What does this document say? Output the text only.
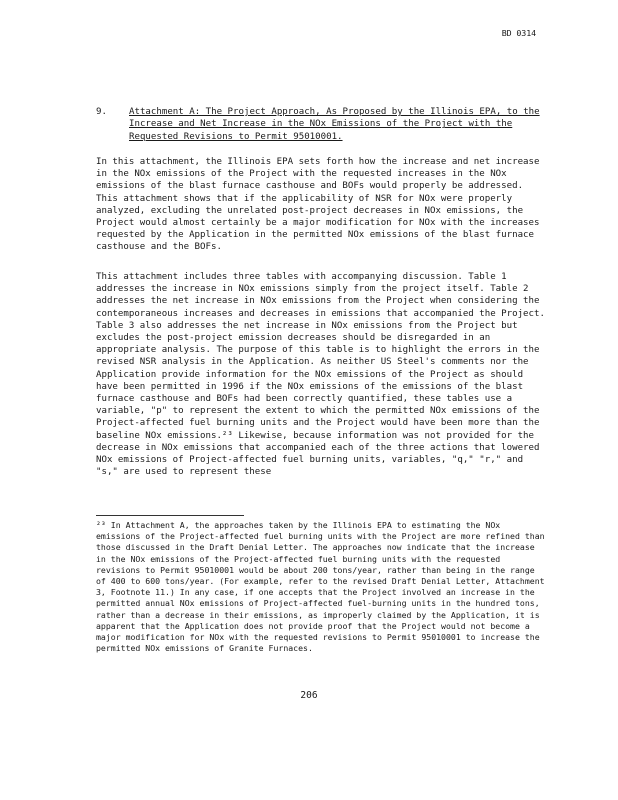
BD 0314
9. Attachment A: The Project Approach, As Proposed by the Illinois EPA, to the Increase and Net Increase in the NOx Emissions of the Project with the Requested Revisions to Permit 95010001.

In this attachment, the Illinois EPA sets forth how the increase and net increase in the NOx emissions of the Project with the requested increases in the NOx emissions of the blast furnace casthouse and BOFs would properly be addressed. This attachment shows that if the applicability of NSR for NOx were properly analyzed, excluding the unrelated post-project decreases in NOx emissions, the Project would almost certainly be a major modification for NOx with the increases requested by the Application in the permitted NOx emissions of the blast furnace casthouse and the BOFs.

This attachment includes three tables with accompanying discussion. Table 1 addresses the increase in NOx emissions simply from the project itself. Table 2 addresses the net increase in NOx emissions from the Project when considering the contemporaneous increases and decreases in emissions that accompanied the Project. Table 3 also addresses the net increase in NOx emissions from the Project but excludes the post-project emission decreases should be disregarded in an appropriate analysis. The purpose of this table is to highlight the errors in the revised NSR analysis in the Application. As neither US Steel's comments nor the Application provide information for the NOx emissions of the Project as should have been permitted in 1996 if the NOx emissions of the emissions of the blast furnace casthouse and BOFs had been correctly quantified, these tables use a variable, "p" to represent the extent to which the permitted NOx emissions of the Project-affected fuel burning units and the Project would have been more than the baseline NOx emissions.²³ Likewise, because information was not provided for the decrease in NOx emissions that accompanied each of the three actions that lowered NOx emissions of Project-affected fuel burning units, variables, "q," "r," and "s," are used to represent these

²³ In Attachment A, the approaches taken by the Illinois EPA to estimating the NOx emissions of the Project-affected fuel burning units with the Project are more refined than those discussed in the Draft Denial Letter. The approaches now indicate that the increase in the NOx emissions of the Project-affected fuel burning units with the requested revisions to Permit 95010001 would be about 200 tons/year, rather than being in the range of 400 to 600 tons/year. (For example, refer to the revised Draft Denial Letter, Attachment 3, Footnote 11.) In any case, if one accepts that the Project involved an increase in the permitted annual NOx emissions of Project-affected fuel-burning units in the hundred tons, rather than a decrease in their emissions, as improperly claimed by the Application, it is apparent that the Application does not provide proof that the Project would not become a major modification for NOx with the requested revisions to Permit 95010001 to increase the permitted NOx emissions of Granite Furnaces.

206
